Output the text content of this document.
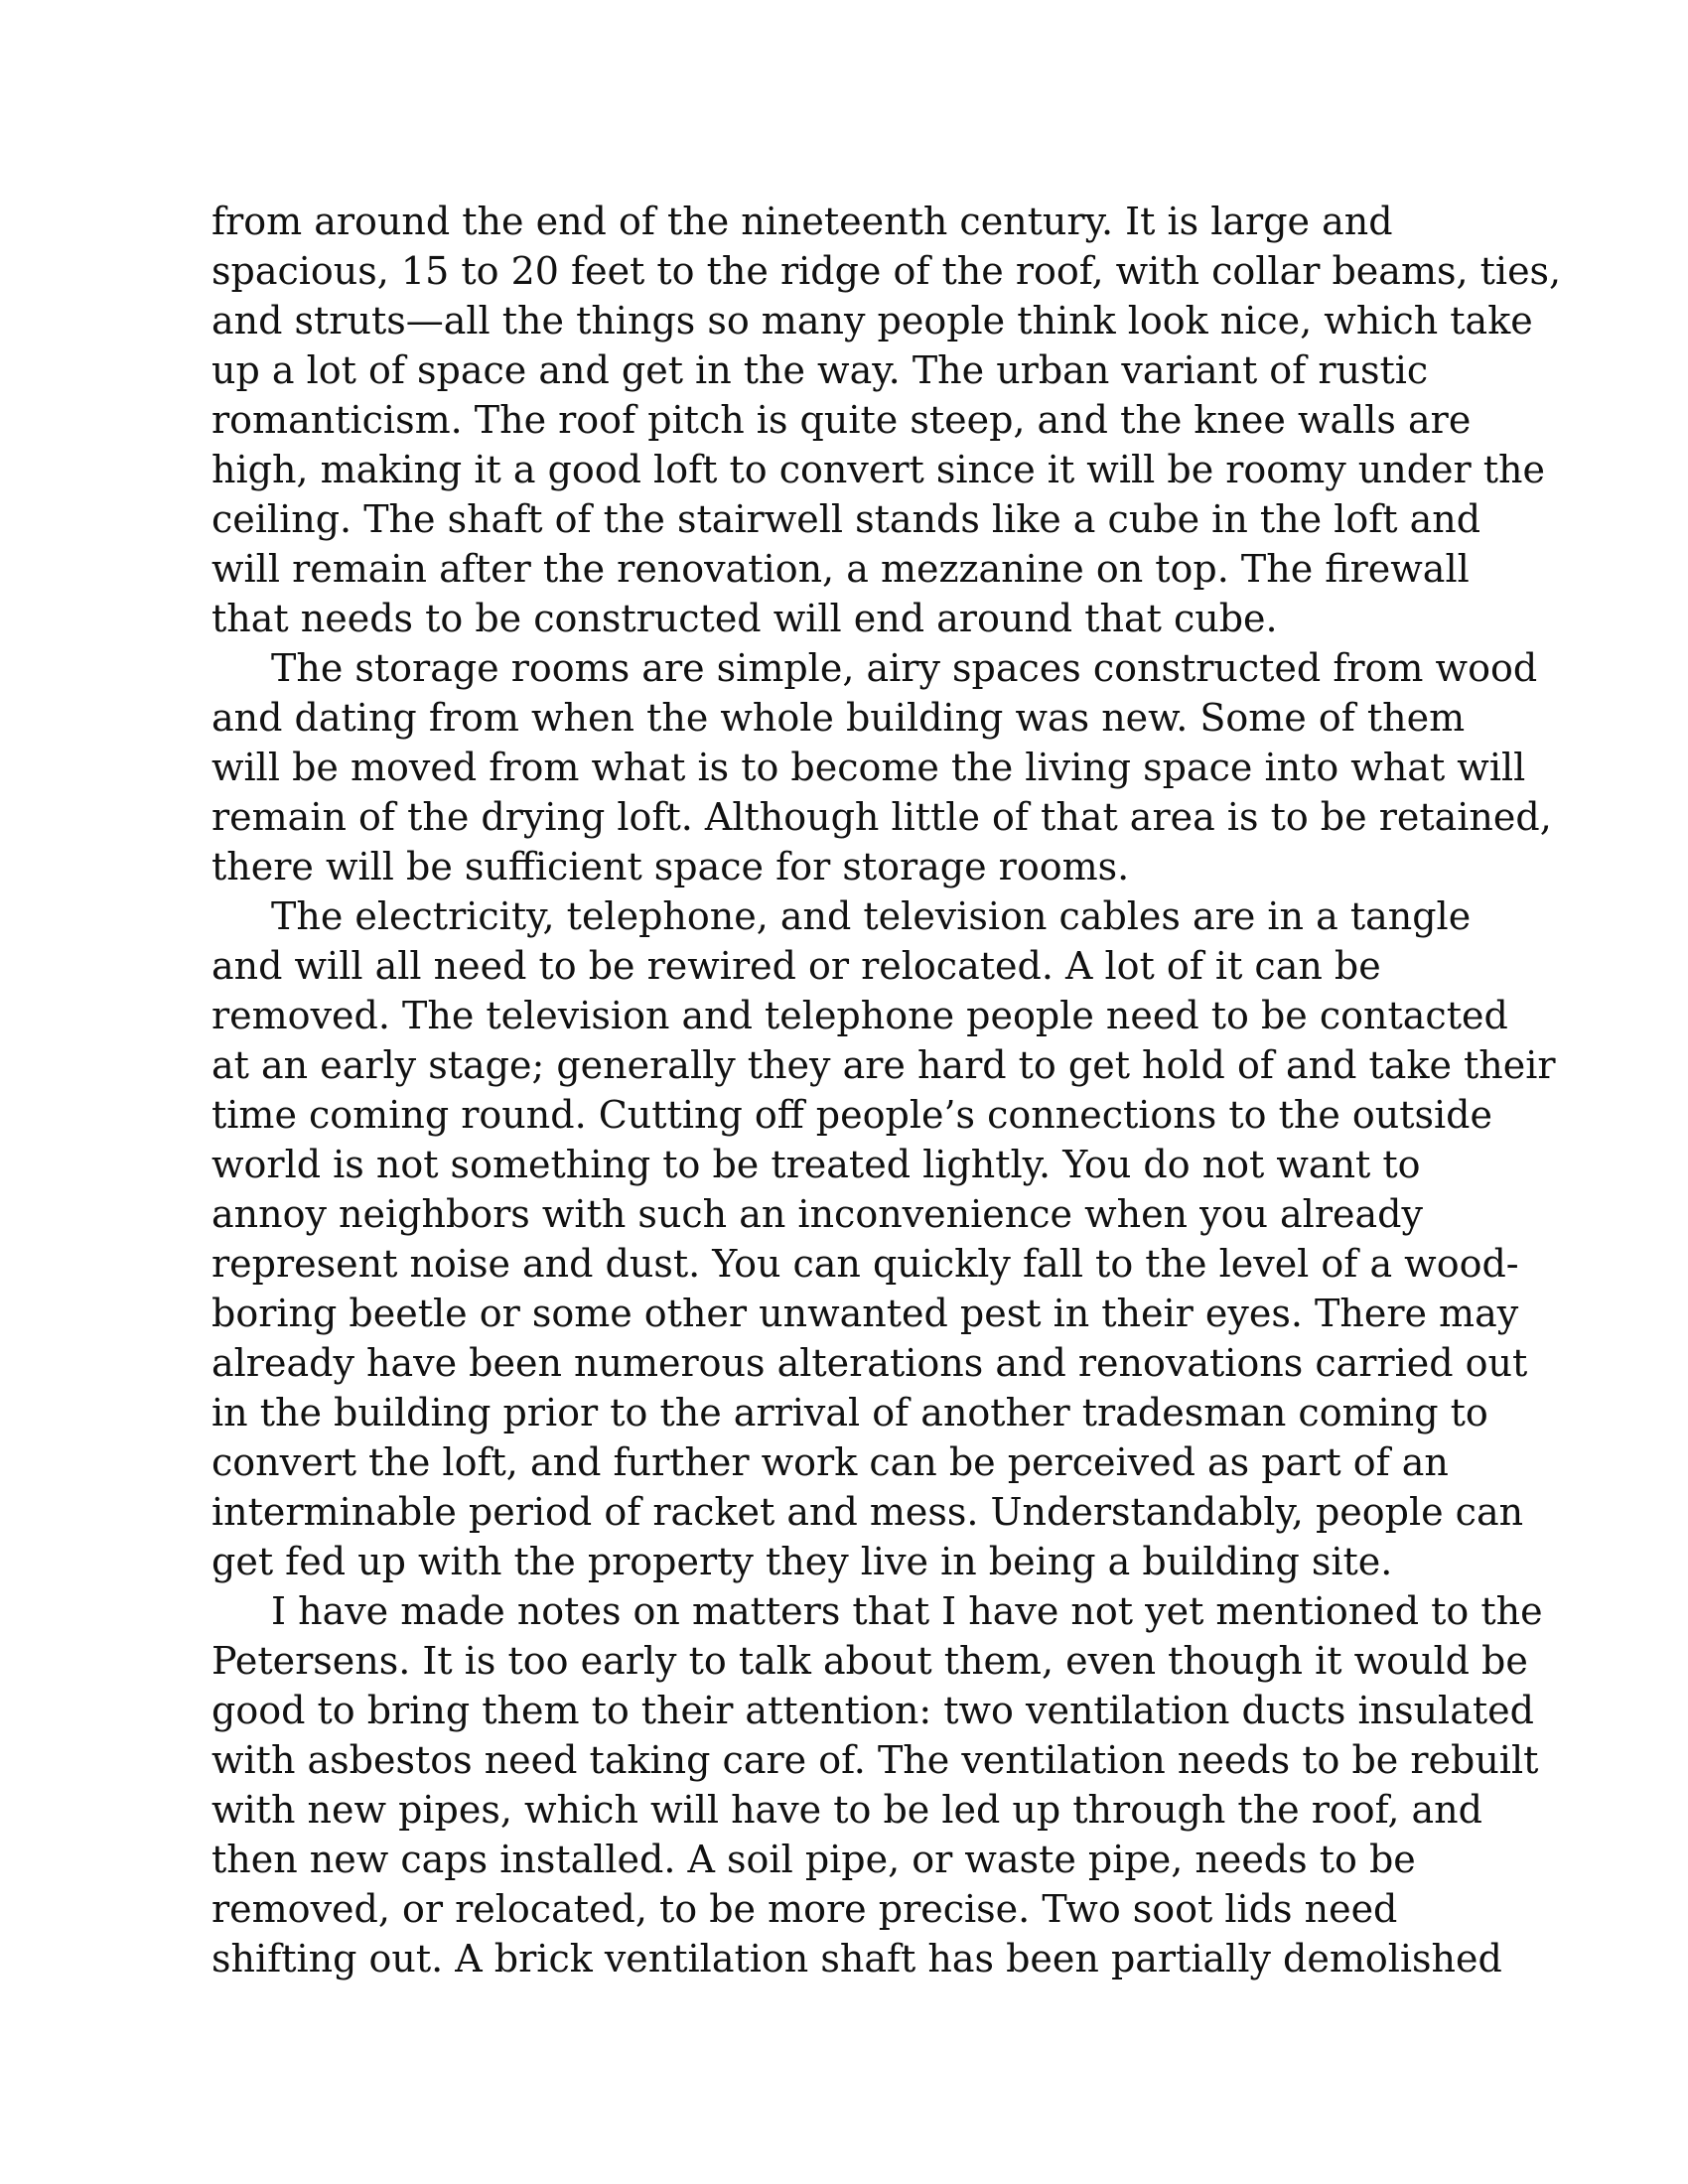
from around the end of the nineteenth century. It is large and
spacious, 15 to 20 feet to the ridge of the roof, with collar beams, ties,
and struts—all the things so many people think look nice, which take
up a lot of space and get in the way. The urban variant of rustic
romanticism. The roof pitch is quite steep, and the knee walls are
high, making it a good loft to convert since it will be roomy under the
ceiling. The shaft of the stairwell stands like a cube in the loft and
will remain after the renovation, a mezzanine on top. The firewall
that needs to be constructed will end around that cube.

The storage rooms are simple, airy spaces constructed from wood
and dating from when the whole building was new. Some of them
will be moved from what is to become the living space into what will
remain of the drying loft. Although little of that area is to be retained,
there will be sufficient space for storage rooms.

The electricity, telephone, and television cables are in a tangle
and will all need to be rewired or relocated. A lot of it can be
removed. The television and telephone people need to be contacted
at an early stage; generally they are hard to get hold of and take their
time coming round. Cutting off people’s connections to the outside
world is not something to be treated lightly. You do not want to
annoy neighbors with such an inconvenience when you already
represent noise and dust. You can quickly fall to the level of a wood-
boring beetle or some other unwanted pest in their eyes. There may
already have been numerous alterations and renovations carried out
in the building prior to the arrival of another tradesman coming to
convert the loft, and further work can be perceived as part of an
interminable period of racket and mess. Understandably, people can
get fed up with the property they live in being a building site.

I have made notes on matters that I have not yet mentioned to the
Petersens. It is too early to talk about them, even though it would be
good to bring them to their attention: two ventilation ducts insulated
with asbestos need taking care of. The ventilation needs to be rebuilt
with new pipes, which will have to be led up through the roof, and
then new caps installed. A soil pipe, or waste pipe, needs to be
removed, or relocated, to be more precise. Two soot lids need
shifting out. A brick ventilation shaft has been partially demolished
